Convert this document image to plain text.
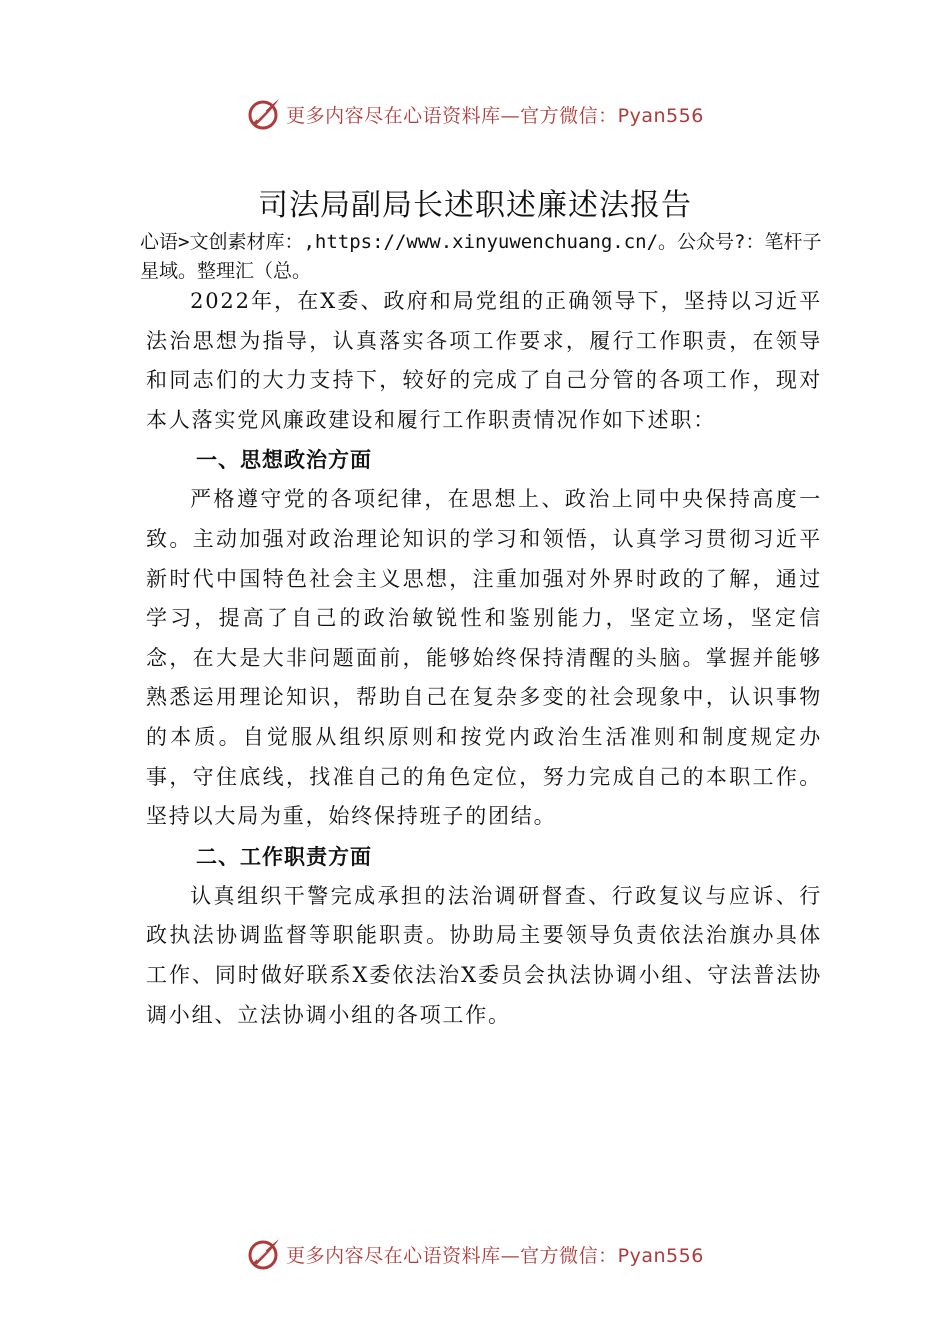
更多内容尽在心语资料库—官方微信：Pyan556
司法局副局长述职述廉述法报告

心语>文创素材库：,https://www.xinyuwenchuang.cn/。公众号?：笔杆子星域。整理汇（总。

2022年，在X委、政府和局党组的正确领导下，坚持以习近平法治思想为指导，认真落实各项工作要求，履行工作职责，在领导和同志们的大力支持下，较好的完成了自己分管的各项工作，现对本人落实党风廉政建设和履行工作职责情况作如下述职：

一、思想政治方面

严格遵守党的各项纪律，在思想上、政治上同中央保持高度一致。主动加强对政治理论知识的学习和领悟，认真学习贯彻习近平新时代中国特色社会主义思想，注重加强对外界时政的了解，通过学习，提高了自己的政治敏锐性和鉴别能力，坚定立场，坚定信念，在大是大非问题面前，能够始终保持清醒的头脑。掌握并能够熟悉运用理论知识，帮助自己在复杂多变的社会现象中，认识事物的本质。自觉服从组织原则和按党内政治生活准则和制度规定办事，守住底线，找准自己的角色定位，努力完成自己的本职工作。坚持以大局为重，始终保持班子的团结。

二、工作职责方面

认真组织干警完成承担的法治调研督查、行政复议与应诉、行政执法协调监督等职能职责。协助局主要领导负责依法治旗办具体工作、同时做好联系X委依法治X委员会执法协调小组、守法普法协调小组、立法协调小组的各项工作。

更多内容尽在心语资料库—官方微信：Pyan556
